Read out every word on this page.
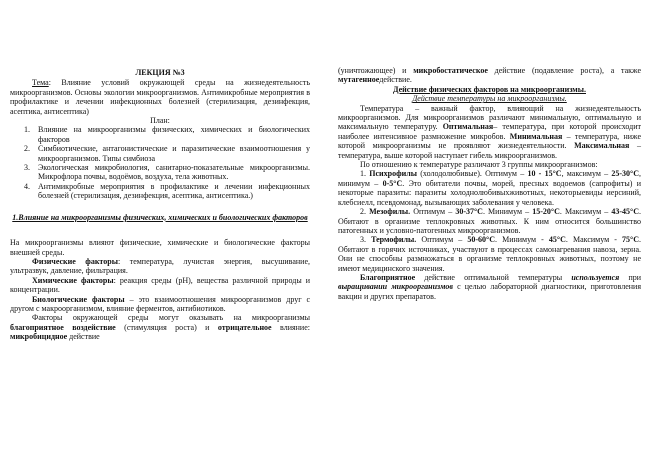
ЛЕКЦИЯ №3

Тема: Влияние условий окружающей среды на жизнедеятельность микроорганизмов. Основы экологии микроорганизмов. Антимикробные мероприятия в профилактике и лечении инфекционных болезней (стерилизация, дезинфекция, асептика, антисептика)

План:

1. Влияние на микроорганизмы физических, химических и биологических факторов
2. Симбиотические, антагонистические и паразитические взаимоотношения у микроорганизмов. Типы симбиоза
3. Экологическая микробиология, санитарно-показательные микроорганизмы. Микрофлора почвы, водоёмов, воздуха, тела животных.
4. Антимикробные мероприятия в профилактике и лечении инфекционных болезней (стерилизация, дезинфекция, асептика, антисептика.)

1.Влияние на микроорганизмы физических, химических и биологических факторов

На микроорганизмы влияют физические, химические и биологические факторы внешней среды.

Физические факторы: температура, лучистая энергия, высушивание, ультразвук, давление, фильтрация.

Химические факторы: реакция среды (pH), вещества различной природы и концентрации.

Биологические факторы – это взаимоотношения микроорганизмов друг с другом с макроорганизмом, влияние ферментов, антибиотиков.

Факторы окружающей среды могут оказывать на микроорганизмы благоприятное воздействие (стимуляция роста) и отрицательное влияние: микробицидное действие

(уничтожающее) и микробостатическое действие (подавление роста), а также мутагенноедействие.

Действие физических факторов на микроорганизмы.

Действие температуры на микроорганизмы.

Температура – важный фактор, влияющий на жизнедеятельность микроорганизмов. Для микроорганизмов различают минимальную, оптимальную и максимальную температуру. Оптимальная– температура, при которой происходит наиболее интенсивное размножение микробов. Минимальная – температура, ниже которой микроорганизмы не проявляют жизнедеятельности. Максимальная – температура, выше которой наступает гибель микроорганизмов.

По отношению к температуре различают 3 группы микроорганизмов:

1. Психрофилы (холодолюбивые). Оптимум – 10 - 15°С, максимум – 25-30°С, минимум – 0-5°С. Это обитатели почвы, морей, пресных водоемов (сапрофиты) и некоторые паразиты: паразиты холоднолюбивыхживотных, некоторыевиды иерсиний, клебсиелл, псевдомонад, вызывающих заболевания у человека.

2. Мезофилы. Оптимум – 30-37°С. Минимум – 15-20°С. Максимум – 43-45°С. Обитают в организме теплокровных животных. К ним относится большинство патогенных и условно-патогенных микроорганизмов.

3. Термофилы. Оптимум – 50-60°С. Минимум - 45°С. Максимум - 75°С. Обитают в горячих источниках, участвуют в процессах самонагревания навоза, зерна. Они не способны размножаться в организме теплокровных животных, поэтому не имеют медицинского значения.

Благоприятное действие оптимальной температуры используется при выращивании микроорганизмов с целью лабораторной диагностики, приготовления вакцин и других препаратов.
